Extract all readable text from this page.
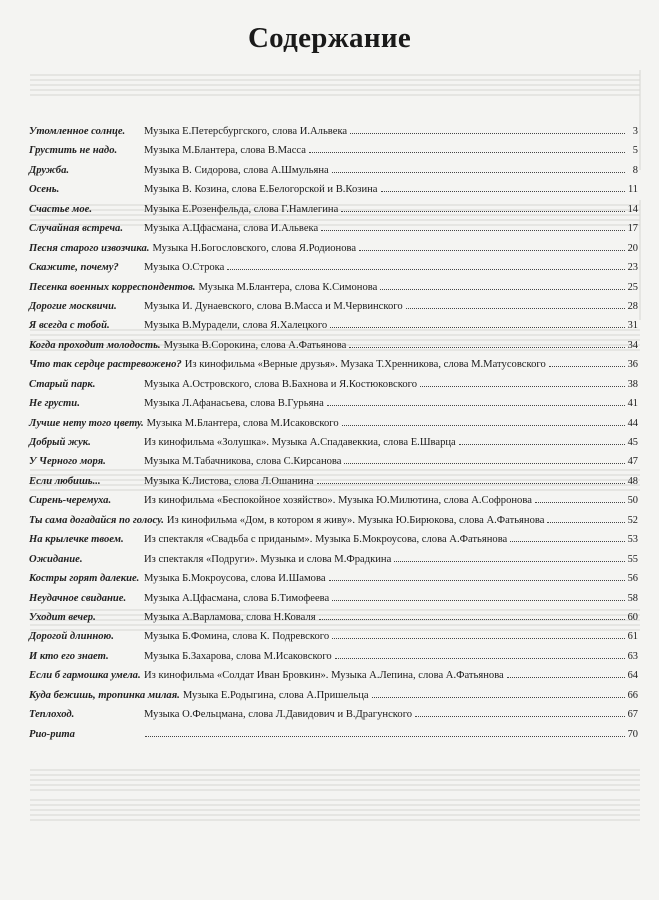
Содержание
Утомленное солнце.	Музыка Е.Петерсбургского, слова И.Альвека	3
Грустить не надо.	Музыка М.Блантера, слова В.Масса	5
Дружба.	Музыка В. Сидорова, слова А.Шмульяна	8
Осень.	Музыка В. Козина, слова Е.Белогорской и В.Козина	11
Счастье мое.	Музыка Е.Розенфельда, слова Г.Намлегина	14
Случайная встреча.	Музыка А.Цфасмана, слова И.Альвека	17
Песня старого извозчика. Музыка Н.Богословского, слова Я.Родионова	20
Скажите, почему?	Музыка О.Строка	23
Песенка военных корреспондентов. Музыка М.Блантера, слова К.Симонова	25
Дорогие москвичи.	Музыка И. Дунаевского, слова В.Масса и М.Червинского	28
Я всегда с тобой.	Музыка В.Мурадели, слова Я.Халецкого	31
Когда проходит молодость. Музыка В.Сорокина, слова А.Фатьянова	34
Что так сердце растревожено? Из кинофильма «Верные друзья». Музака Т.Хренникова, слова М.Матусовского	36
Старый парк.	Музыка А.Островского, слова В.Бахнова и Я.Костюковского	38
Не грусти.	Музыка Л.Афанасьева, слова В.Гурьяна	41
Лучше нету того цвету. Музыка М.Блантера, слова М.Исаковского	44
Добрый жук.	Из кинофильма «Золушка». Музыка А.Спадавеккиа, слова Е.Шварца	45
У Черного моря.	Музыка М.Табачникова, слова С.Кирсанова	47
Если любишь...	Музыка К.Листова, слова Л.Ошанина	48
Сирень-черемуха.	Из кинофильма «Беспокойное хозяйство». Музыка Ю.Милютина, слова А.Софронова	50
Ты сама догадайся по голосу. Из кинофильма «Дом, в котором я живу». Музыка Ю.Бирюкова, слова А.Фатьянова	52
На крылечке твоем.	Из спектакля «Свадьба с приданым». Музыка Б.Мокроусова, слова А.Фатьянова	53
Ожидание.	Из спектакля «Подруги». Музыка и слова М.Фрадкина	55
Костры горят далекие. Музыка Б.Мокроусова, слова И.Шамова	56
Неудачное свидание.	Музыка А.Цфасмана, слова Б.Тимофеева	58
Уходит вечер.	Музыка А.Варламова, слова Н.Коваля	60
Дорогой длинною.	Музыка Б.Фомина, слова К. Подревского	61
И кто его знает.	Музыка Б.Захарова, слова М.Исаковского	63
Если б гармошка умела. Из кинофильма «Солдат Иван Бровкин». Музыка А.Лепина, слова А.Фатьянова	64
Куда бежишь, тропинка милая. Музыка Е.Родыгина, слова А.Пришельца	66
Теплоход.	Музыка О.Фельцмана, слова Л.Давидович и В.Драгунского	67
Рио-рита	70
